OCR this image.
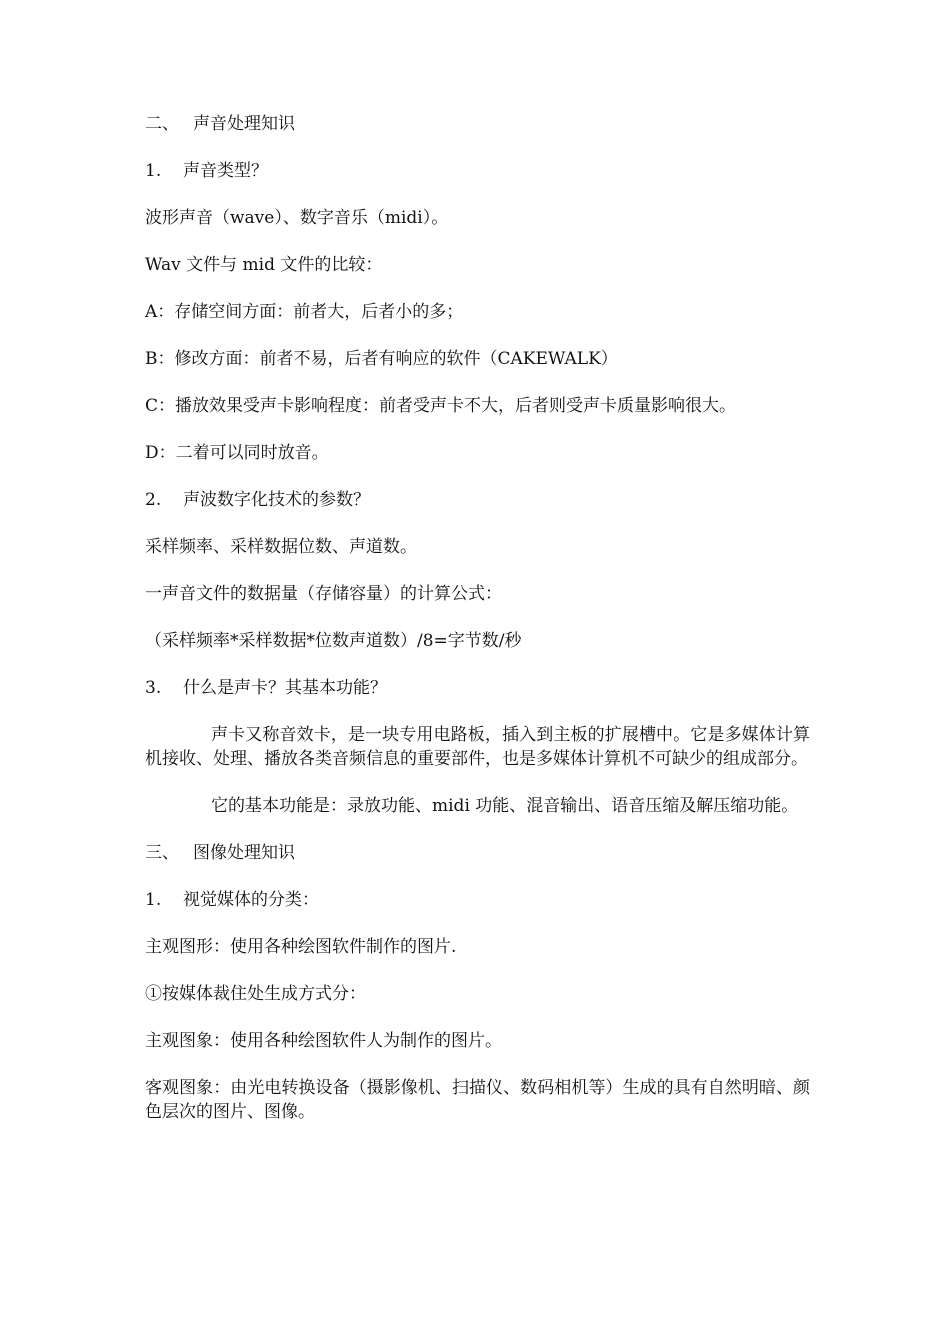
二、 声音处理知识
1. 声音类型？
波形声音（wave）、数字音乐（midi）。
Wav 文件与 mid 文件的比较：
A：存储空间方面：前者大，后者小的多；
B：修改方面：前者不易，后者有响应的软件（CAKEWALK）
C：播放效果受声卡影响程度：前者受声卡不大，后者则受声卡质量影响很大。
D：二着可以同时放音。
2. 声波数字化技术的参数？
采样频率、采样数据位数、声道数。
一声音文件的数据量（存储容量）的计算公式：
（采样频率*采样数据*位数声道数）/8=字节数/秒
3. 什么是声卡？其基本功能？
声卡又称音效卡，是一块专用电路板，插入到主板的扩展槽中。它是多媒体计算机接收、处理、播放各类音频信息的重要部件，也是多媒体计算机不可缺少的组成部分。
它的基本功能是：录放功能、midi 功能、混音输出、语音压缩及解压缩功能。
三、 图像处理知识
1. 视觉媒体的分类：
主观图形：使用各种绘图软件制作的图片.
①按媒体裁住处生成方式分：
主观图象：使用各种绘图软件人为制作的图片。
客观图象：由光电转换设备（摄影像机、扫描仪、数码相机等）生成的具有自然明暗、颜色层次的图片、图像。
